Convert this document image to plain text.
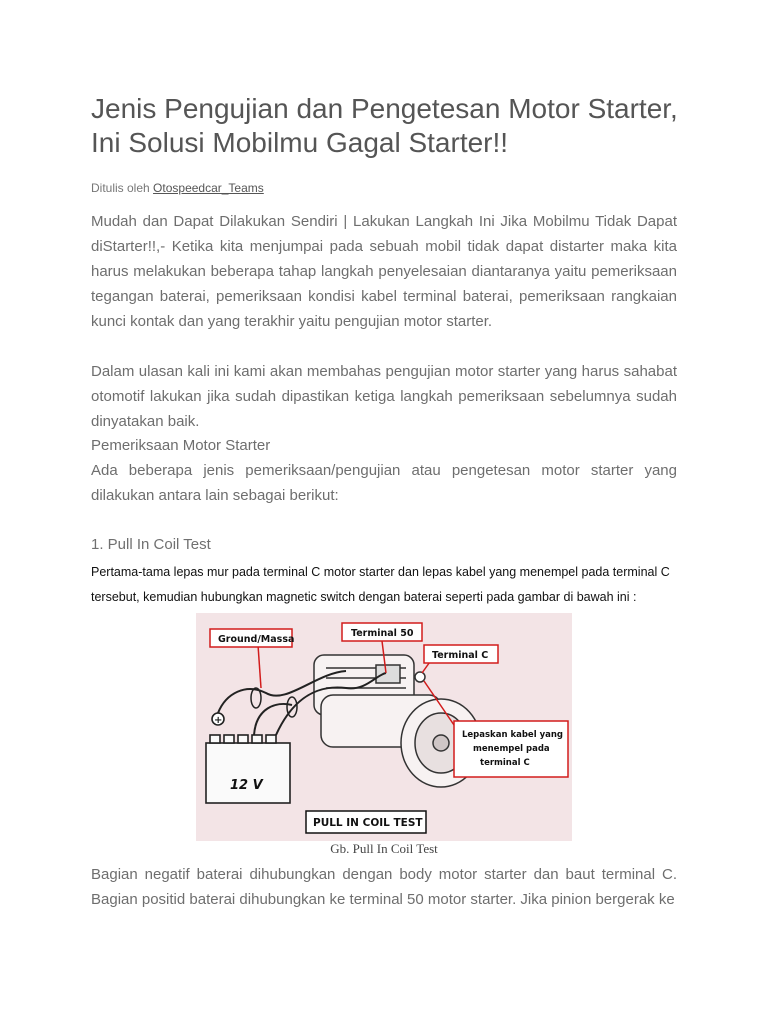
Jenis Pengujian dan Pengetesan Motor Starter, Ini Solusi Mobilmu Gagal Starter!!
Ditulis oleh Otospeedcar_Teams

Mudah dan Dapat Dilakukan Sendiri | Lakukan Langkah Ini Jika Mobilmu Tidak Dapat diStarter!!,- Ketika kita menjumpai pada sebuah mobil tidak dapat distarter maka kita harus melakukan beberapa tahap langkah penyelesaian diantaranya yaitu pemeriksaan tegangan baterai, pemeriksaan kondisi kabel terminal baterai, pemeriksaan rangkaian kunci kontak dan yang terakhir yaitu pengujian motor starter.

Dalam ulasan kali ini kami akan membahas pengujian motor starter yang harus sahabat otomotif lakukan jika sudah dipastikan ketiga langkah pemeriksaan sebelumnya sudah dinyatakan baik.

Pemeriksaan Motor Starter

Ada beberapa jenis pemeriksaan/pengujian atau pengetesan motor starter yang dilakukan antara lain sebagai berikut:

1. Pull In Coil Test

Pertama-tama lepas mur pada terminal C motor starter dan lepas kabel yang menempel pada terminal C tersebut, kemudian hubungkan magnetic switch dengan baterai seperti pada gambar di bawah ini :

+
12 V
Ground/Massa
Terminal 50
Terminal C
Lepaskan kabel yang
menempel pada
terminal C
PULL IN COIL TEST
Gb. Pull In Coil Test

Bagian negatif baterai dihubungkan dengan body motor starter dan baut terminal C. Bagian positid baterai dihubungkan ke terminal 50 motor starter. Jika pinion bergerak ke
